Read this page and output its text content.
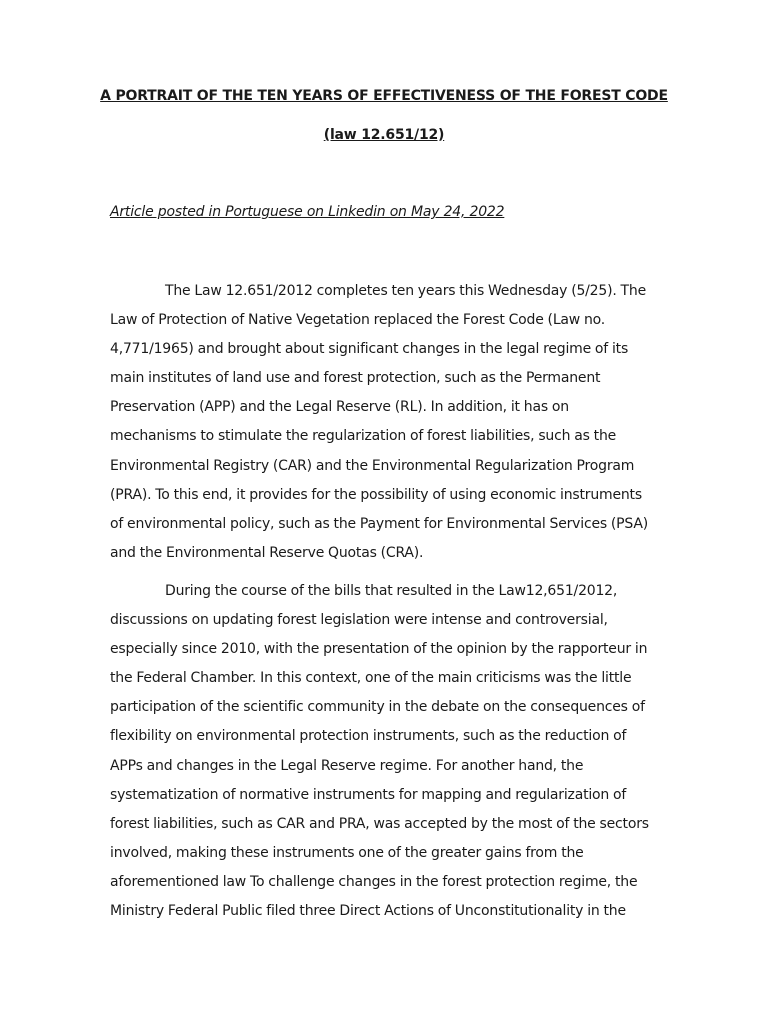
A PORTRAIT OF THE TEN YEARS OF EFFECTIVENESS OF THE FOREST CODE

(law 12.651/12)

Article posted in Portuguese on Linkedin on May 24, 2022

The Law 12.651/2012 completes ten years this Wednesday (5/25). The Law of Protection of Native Vegetation replaced the Forest Code (Law no. 4,771/1965) and brought about significant changes in the legal regime of its main institutes of land use and forest protection, such as the Permanent Preservation (APP) and the Legal Reserve (RL). In addition, it has on mechanisms to stimulate the regularization of forest liabilities, such as the Environmental Registry (CAR) and the Environmental Regularization Program (PRA). To this end, it provides for the possibility of using economic instruments of environmental policy, such as the Payment for Environmental Services (PSA) and the Environmental Reserve Quotas (CRA).

During the course of the bills that resulted in the Law12,651/2012, discussions on updating forest legislation were intense and controversial, especially since 2010, with the presentation of the opinion by the rapporteur in the Federal Chamber. In this context, one of the main criticisms was the little participation of the scientific community in the debate on the consequences of flexibility on environmental protection instruments, such as the reduction of APPs and changes in the Legal Reserve regime. For another hand, the systematization of normative instruments for mapping and regularization of forest liabilities, such as CAR and PRA, was accepted by the most of the sectors involved, making these instruments one of the greater gains from the aforementioned law To challenge changes in the forest protection regime, the Ministry Federal Public filed three Direct Actions of Unconstitutionality in the
